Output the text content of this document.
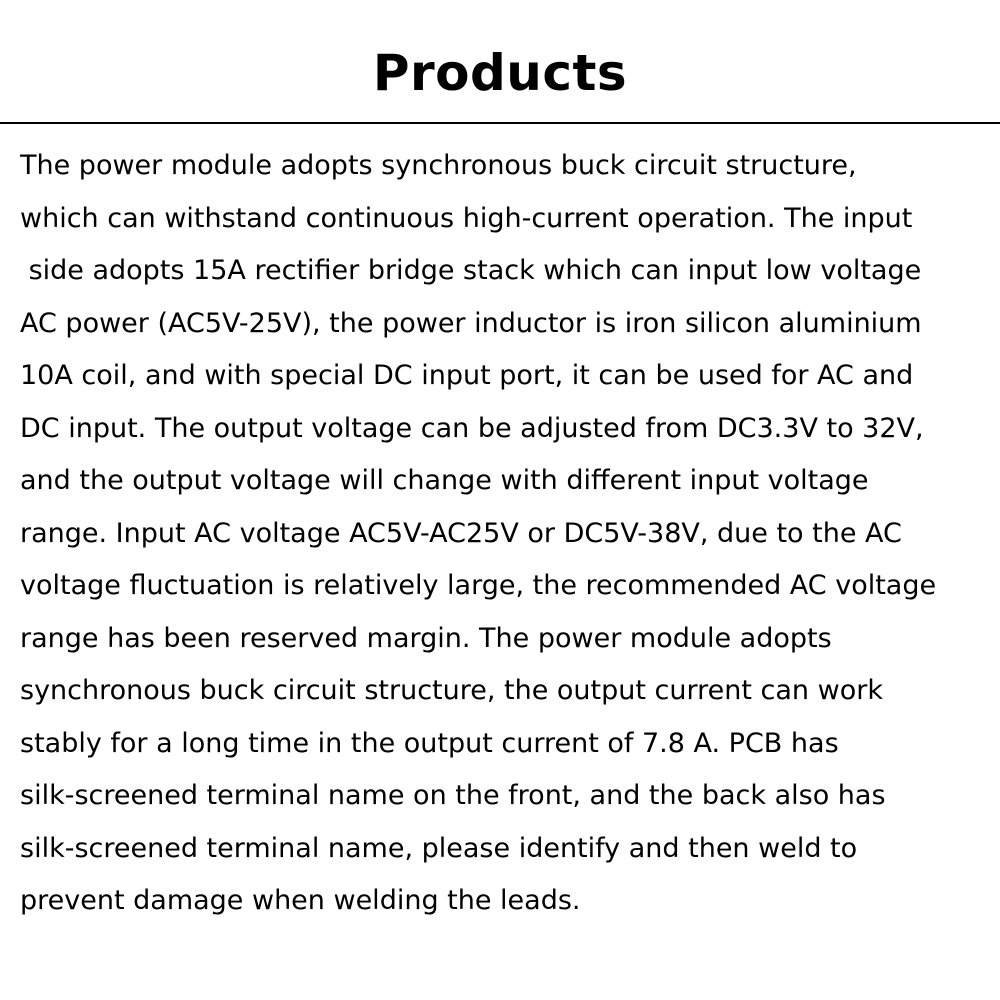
Products
The power module adopts synchronous buck circuit structure,
which can withstand continuous high-current operation. The input
side adopts 15A rectifier bridge stack which can input low voltage
AC power (AC5V-25V), the power inductor is iron silicon aluminium
10A coil, and with special DC input port, it can be used for AC and
DC input. The output voltage can be adjusted from DC3.3V to 32V,
and the output voltage will change with different input voltage
range. Input AC voltage AC5V-AC25V or DC5V-38V, due to the AC
voltage fluctuation is relatively large, the recommended AC voltage
range has been reserved margin. The power module adopts
synchronous buck circuit structure, the output current can work
stably for a long time in the output current of 7.8 A. PCB has
silk-screened terminal name on the front, and the back also has
silk-screened terminal name, please identify and then weld to
prevent damage when welding the leads.
